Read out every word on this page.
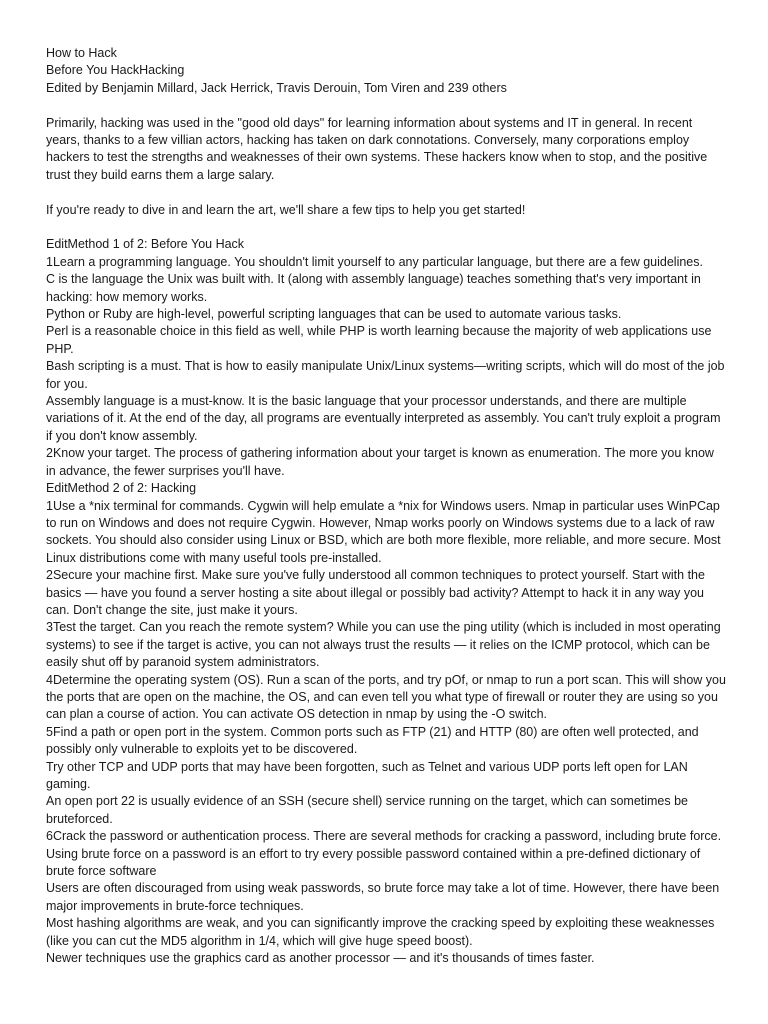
How to Hack
Before You HackHacking
Edited by Benjamin Millard, Jack Herrick, Travis Derouin, Tom Viren and 239 others
Primarily, hacking was used in the "good old days" for learning information about systems and IT in general. In recent years, thanks to a few villian actors, hacking has taken on dark connotations. Conversely, many corporations employ hackers to test the strengths and weaknesses of their own systems. These hackers know when to stop, and the positive trust they build earns them a large salary.
If you're ready to dive in and learn the art, we'll share a few tips to help you get started!
EditMethod 1 of 2: Before You Hack
1Learn a programming language. You shouldn't limit yourself to any particular language, but there are a few guidelines.
C is the language the Unix was built with. It (along with assembly language) teaches something that's very important in hacking: how memory works.
Python or Ruby are high-level, powerful scripting languages that can be used to automate various tasks.
Perl is a reasonable choice in this field as well, while PHP is worth learning because the majority of web applications use PHP.
Bash scripting is a must. That is how to easily manipulate Unix/Linux systems—writing scripts, which will do most of the job for you.
Assembly language is a must-know. It is the basic language that your processor understands, and there are multiple variations of it. At the end of the day, all programs are eventually interpreted as assembly. You can't truly exploit a program if you don't know assembly.
2Know your target. The process of gathering information about your target is known as enumeration. The more you know in advance, the fewer surprises you'll have.
EditMethod 2 of 2: Hacking
1Use a *nix terminal for commands. Cygwin will help emulate a *nix for Windows users. Nmap in particular uses WinPCap to run on Windows and does not require Cygwin. However, Nmap works poorly on Windows systems due to a lack of raw sockets. You should also consider using Linux or BSD, which are both more flexible, more reliable, and more secure. Most Linux distributions come with many useful tools pre-installed.
2Secure your machine first. Make sure you've fully understood all common techniques to protect yourself. Start with the basics — have you found a server hosting a site about illegal or possibly bad activity? Attempt to hack it in any way you can. Don't change the site, just make it yours.
3Test the target. Can you reach the remote system? While you can use the ping utility (which is included in most operating systems) to see if the target is active, you can not always trust the results — it relies on the ICMP protocol, which can be easily shut off by paranoid system administrators.
4Determine the operating system (OS). Run a scan of the ports, and try pOf, or nmap to run a port scan. This will show you the ports that are open on the machine, the OS, and can even tell you what type of firewall or router they are using so you can plan a course of action. You can activate OS detection in nmap by using the -O switch.
5Find a path or open port in the system. Common ports such as FTP (21) and HTTP (80) are often well protected, and possibly only vulnerable to exploits yet to be discovered.
Try other TCP and UDP ports that may have been forgotten, such as Telnet and various UDP ports left open for LAN gaming.
An open port 22 is usually evidence of an SSH (secure shell) service running on the target, which can sometimes be bruteforced.
6Crack the password or authentication process. There are several methods for cracking a password, including brute force. Using brute force on a password is an effort to try every possible password contained within a pre-defined dictionary of brute force software
Users are often discouraged from using weak passwords, so brute force may take a lot of time. However, there have been major improvements in brute-force techniques.
Most hashing algorithms are weak, and you can significantly improve the cracking speed by exploiting these weaknesses (like you can cut the MD5 algorithm in 1/4, which will give huge speed boost).
Newer techniques use the graphics card as another processor — and it's thousands of times faster.
